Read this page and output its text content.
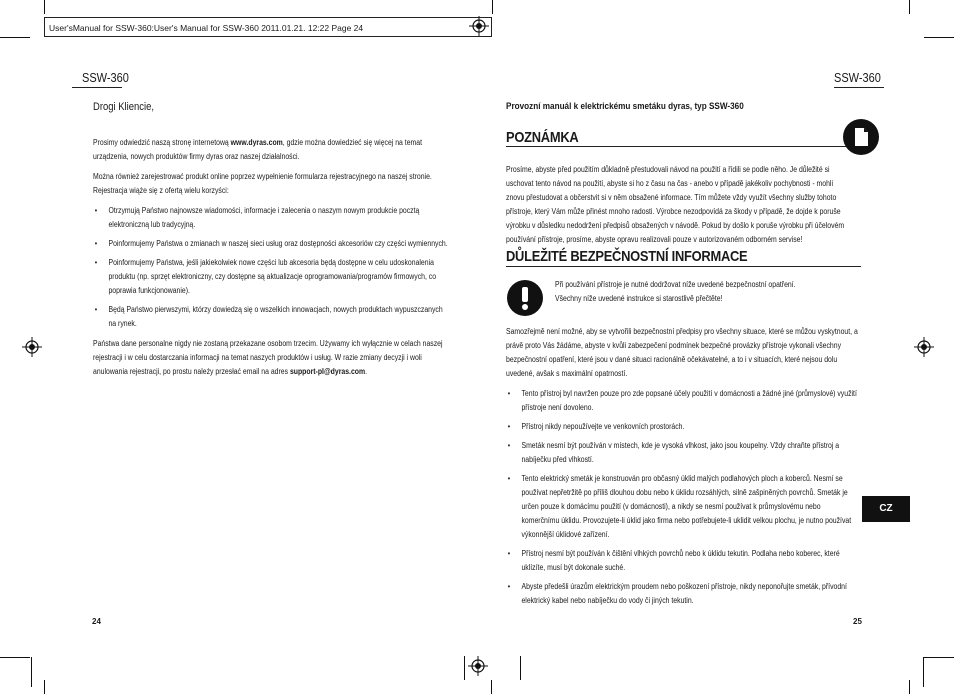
User'sManual for SSW-360:User's Manual for SSW-360 2011.01.21. 12:22 Page 24
SSW-360
Drogi Kliencie,

Prosimy odwiedzić naszą stronę internetową www.dyras.com, gdzie można dowiedzieć się więcej na temat urządzenia, nowych produktów firmy dyras oraz naszej działalności.

Można również zarejestrować produkt online poprzez wypełnienie formularza rejestracyjnego na naszej stronie. Rejestracja wiąże się z ofertą wielu korzyści:

• Otrzymują Państwo najnowsze wiadomości, informacje i zalecenia o naszym nowym produkcie pocztą elektroniczną lub tradycyjną.
• Poinformujemy Państwa o zmianach w naszej sieci usług oraz dostępności akcesoriów czy części wymiennych.
• Poinformujemy Państwa, jeśli jakiekolwiek nowe części lub akcesoria będą dostępne w celu udoskonalenia produktu (np. sprzęt elektroniczny, czy dostępne są aktualizacje oprogramowania/programów firmowych, co poprawia funkcjonowanie).
• Będą Państwo pierwszymi, którzy dowiedzą się o wszelkich innowacjach, nowych produktach wypuszczanych na rynek.

Państwa dane personalne nigdy nie zostaną przekazane osobom trzecim. Używamy ich wyłącznie w celach naszej rejestracji i w celu dostarczania informacji na temat naszych produktów i usług. W razie zmiany decyzji i woli anulowania rejestracji, po prostu należy przesłać email na adres support-pl@dyras.com.

24
SSW-360
Provozní manuál k elektrickému smetáku dyras, typ SSW-360
POZNÁMKA

Prosíme, abyste před použitím důkladně přestudovali návod na použití a řídili se podle něho. Je důležité si uschovat tento návod na použití, abyste si ho z času na čas - anebo v případě jakékoliv pochybnosti - mohli znovu přestudovat a občerstvit si v něm obsažené informace. Tím můžete vždy využít všechny služby tohoto přístroje, který Vám může přinést mnoho radosti. Výrobce nezodpovídá za škody v případě, že dojde k poruše výrobku v důsledku nedodržení předpisů obsažených v návodě. Pokud by došlo k poruše výrobku při účelovém používání přístroje, prosíme, abyste opravu realizovali pouze v autorizovaném odborném servise!

DŮLEŽITÉ BEZPEČNOSTNÍ INFORMACE
Při používání přístroje je nutné dodržovat níže uvedené bezpečnostní opatření.
Všechny níže uvedené instrukce si starostlivě přečtěte!

Samozřejmě není možné, aby se vytvořili bezpečnostní předpisy pro všechny situace, které se můžou vyskytnout, a právě proto Vás žádáme, abyste v kvůli zabezpečení podmínek bezpečné provázky přístroje vykonali všechny bezpečnostní opatření, které jsou v dané situaci racionálně očekávatelné, a to i v situacích, které nejsou dolu uvedené, avšak s maximální opatrností.

• Tento přístroj byl navržen pouze pro zde popsané účely použití v domácnosti a žádné jiné (průmyslové) využití přístroje není dovoleno.
• Přístroj nikdy nepoužívejte ve venkovních prostorách.
• Smeták nesmí být používán v místech, kde je vysoká vlhkost, jako jsou koupelny. Vždy chraňte přístroj a nabíječku před vlhkostí.
• Tento elektrický smeták je konstruován pro občasný úklid malých podlahových ploch a koberců. Nesmí se používat nepřetržitě po příliš dlouhou dobu nebo k úklidu rozsáhlých, silně zašpiněných povrchů. Smeták je určen pouze k domácímu použití (v domácnosti), a nikdy se nesmí používat k průmyslovému nebo komerčnímu úklidu. Provozujete-li úklid jako firma nebo potřebujete-li uklidit velkou plochu, je nutno používat výkonnější úklidové zařízení.
• Přístroj nesmí být používán k čištění vlhkých povrchů nebo k úklidu tekutin. Podlaha nebo koberec, které uklízíte, musí být dokonale suché.
• Abyste předešli úrazům elektrickým proudem nebo poškození přístroje, nikdy neponořujte smeták, přívodní elektrický kabel nebo nabíječku do vody či jiných tekutin.
CZ
25
